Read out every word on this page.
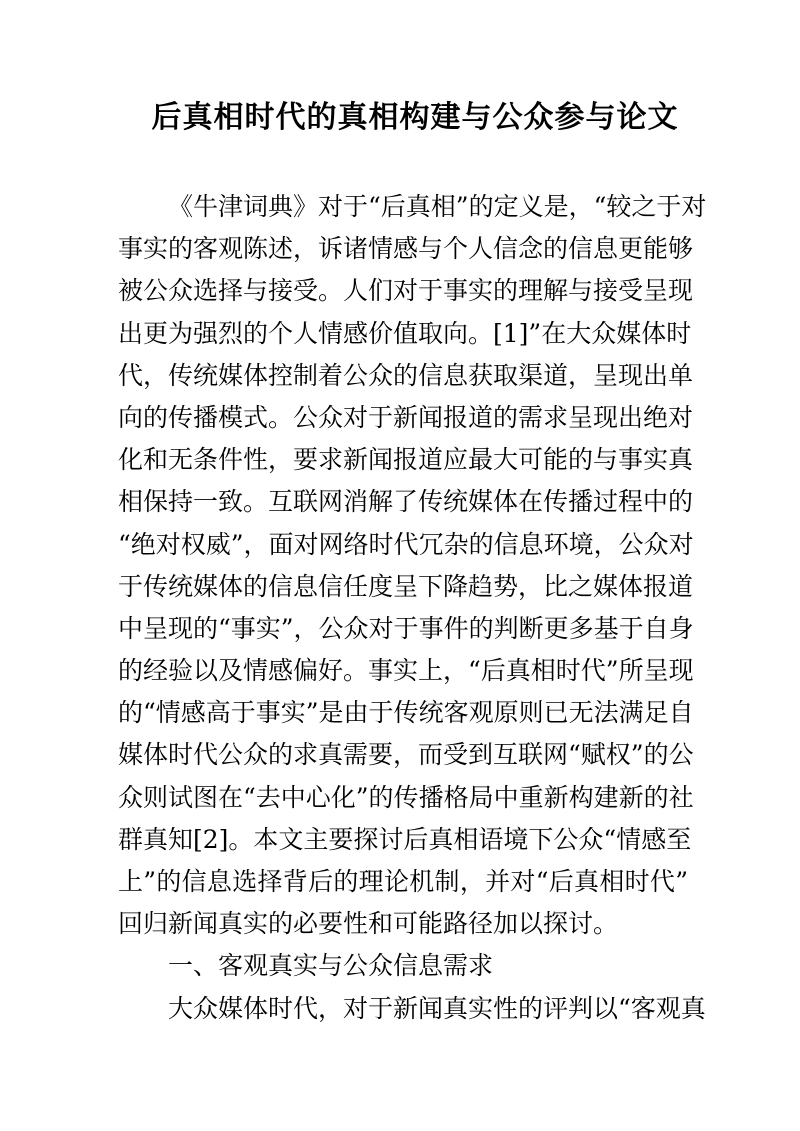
后真相时代的真相构建与公众参与论文
《牛津词典》对于“后真相”的定义是，“较之于对
事实的客观陈述，诉诸情感与个人信念的信息更能够
被公众选择与接受。人们对于事实的理解与接受呈现
出更为强烈的个人情感价值取向。[1]”在大众媒体时
代，传统媒体控制着公众的信息获取渠道，呈现出单
向的传播模式。公众对于新闻报道的需求呈现出绝对
化和无条件性，要求新闻报道应最大可能的与事实真
相保持一致。互联网消解了传统媒体在传播过程中的
“绝对权威”，面对网络时代冗杂的信息环境，公众对
于传统媒体的信息信任度呈下降趋势，比之媒体报道
中呈现的“事实”，公众对于事件的判断更多基于自身
的经验以及情感偏好。事实上，“后真相时代”所呈现
的“情感高于事实”是由于传统客观原则已无法满足自
媒体时代公众的求真需要，而受到互联网“赋权”的公
众则试图在“去中心化”的传播格局中重新构建新的社
群真知[2]。本文主要探讨后真相语境下公众“情感至
上”的信息选择背后的理论机制，并对“后真相时代”
回归新闻真实的必要性和可能路径加以探讨。
一、客观真实与公众信息需求
大众媒体时代，对于新闻真实性的评判以“客观真
